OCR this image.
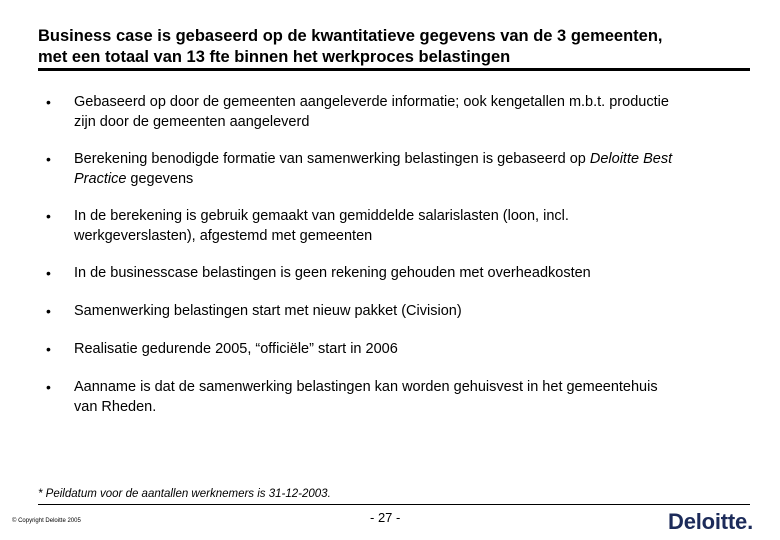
Business case is gebaseerd op de kwantitatieve gegevens van de 3 gemeenten,
met een totaal van 13 fte binnen het werkproces belastingen
• Gebaseerd op door de gemeenten aangeleverde informatie; ook kengetallen m.b.t. productie
zijn door de gemeenten aangeleverd
• Berekening benodigde formatie van samenwerking belastingen is gebaseerd op Deloitte Best
Practice gegevens
• In de berekening is gebruik gemaakt van gemiddelde salarislasten (loon, incl.
werkgeverslasten), afgestemd met gemeenten
• In de businesscase belastingen is geen rekening gehouden met overheadkosten
• Samenwerking belastingen start met nieuw pakket (Civision)
• Realisatie gedurende 2005, “officiële” start in 2006
• Aanname is dat de samenwerking belastingen kan worden gehuisvest in het gemeentehuis
van Rheden.
* Peildatum voor de aantallen werknemers is 31-12-2003.
© Copyright Deloitte 2005	- 27 -	Deloitte.
